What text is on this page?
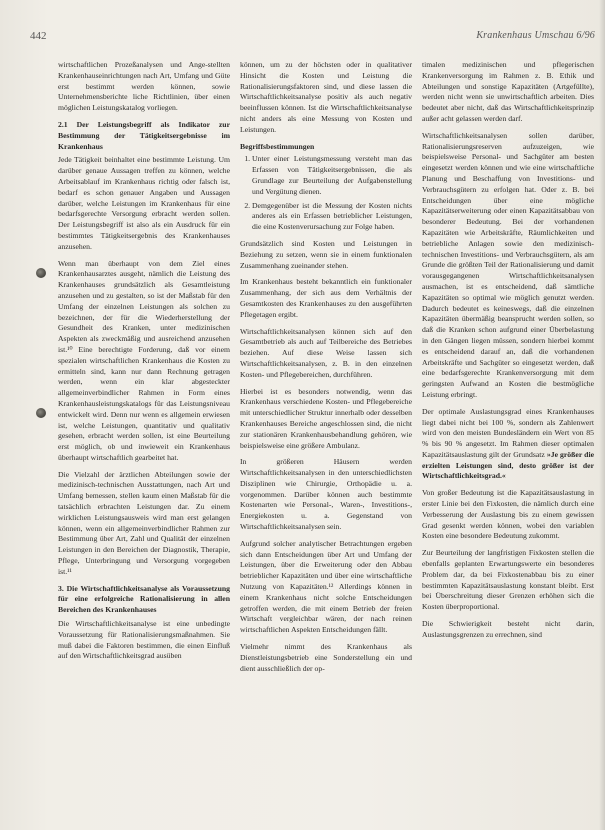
442	Krankenhaus Umschau 6/96

wirtschaftlichen Prozeßanalysen und Ange-stellten Krankenhauseinrichtungen nach Art, Umfang und Güte erst bestimmt werden können, sowie Unternehmensberichte liche Richtlinien, über einen möglichen Leistungskatalog vorliegen.

2.1 Der Leistungsbegriff als Indikator zur Bestimmung der Tätigkeitsergebnisse im Krankenhaus

Jede Tätigkeit beinhaltet eine bestimmte Leistung. Um darüber genaue Aussagen treffen zu können, welche Arbeitsablauf im Krankenhaus richtig oder falsch ist, bedarf es schon genauer Angaben und Aussagen darüber, welche Leistungen im Krankenhaus für eine bedarfsgerechte Versorgung erbracht werden sollen. Der Leistungsbegriff ist also als ein Ausdruck für ein bestimmtes Tätigkeitsergebnis des Krankenhauses anzusehen.

Wenn man überhaupt von dem Ziel eines Krankenhausarztes ausgeht, nämlich die Leistung des Krankenhauses grundsätzlich als Gesamtleistung anzusehen und zu gestalten, so ist der Maßstab für den Umfang der einzelnen Leistungen als solchen zu bezeichnen, der für die Wiederherstellung der Gesundheit des Kranken, unter medizinischen Aspekten als zweckmäßig und ausreichend anzusehen ist.¹⁰ Eine berechtigte Forderung, daß vor einem spezialen wirtschaftlichen Krankenhaus die Kosten zu ermitteln sind, kann nur dann Rechnung getragen werden, wenn ein klar abgesteckter allgemeinverbindlicher Rahmen in Form eines Krankenhausleistungskatalogs für das Leistungsniveau entwickelt wird. Denn nur wenn es allgemein erwiesen ist, welche Leistungen, quantitativ und qualitativ gesehen, erbracht werden sollen, ist eine Beurteilung erst möglich, ob und inwieweit ein Krankenhaus überhaupt wirtschaftlich gearbeitet hat.

Die Vielzahl der ärztlichen Abteilungen sowie der medizinisch-technischen Ausstattungen, nach Art und Umfang bemessen, stellen kaum einen Maßstab für die tatsächlich erbrachten Leistungen dar. Zu einem wirklichen Leistungsausweis wird man erst gelangen können, wenn ein allgemeinverbindlicher Rahmen zur Bestimmung über Art, Zahl und Qualität der einzelnen Leistungen in den Bereichen der Diagnostik, Therapie, Pflege, Unterbringung und Versorgung vorgegeben ist.¹¹

3. Die Wirtschaftlichkeitsanalyse als Voraussetzung für eine erfolgreiche Rationalisierung in allen Bereichen des Krankenhauses

Die Wirtschaftlichkeitsanalyse ist eine unbedingte Voraussetzung für Rationalisierungsmaßnahmen. Sie muß dabei die Faktoren bestimmen, die einen Einfluß auf den Wirtschaftlichkeitsgrad ausüben

können, um zu der höchsten oder in qualitativer Hinsicht die Kosten und Leistung die Rationalisierungsfaktoren sind, und diese lassen die Wirtschaftlichkeitsanalyse positiv als auch negativ beeinflussen können. Ist die Wirtschaftlichkeitsanalyse nicht anders als eine Messung von Kosten und Leistungen.

Begriffsbestimmungen
1. Unter einer Leistungsmessung versteht man das Erfassen von Tätigkeitsergebnissen, die als Grundlage zur Beurteilung der Aufgabenstellung und Vergütung dienen.
2. Demgegenüber ist die Messung der Kosten nichts anderes als ein Erfassen betrieblicher Leistungen, die eine Kostenverursachung zur Folge haben.

Grundsätzlich sind Kosten und Leistungen in Beziehung zu setzen, wenn sie in einem funktionalen Zusammenhang zueinander stehen.

Im Krankenhaus besteht bekanntlich ein funktionaler Zusammenhang, der sich aus dem Verhältnis der Gesamtkosten des Krankenhauses zu den ausgeführten Pflegetagen ergibt.

Wirtschaftlichkeitsanalysen können sich auf den Gesamtbetrieb als auch auf Teilbereiche des Betriebes beziehen. Auf diese Weise lassen sich Wirtschaftlichkeitsanalysen, z. B. in den einzelnen Kosten- und Pflegebereichen, durchführen.

Hierbei ist es besonders notwendig, wenn das Krankenhaus verschiedene Kosten- und Pflegebereiche mit unterschiedlicher Struktur innerhalb oder desselben Krankenhauses Bereiche angeschlossen sind, die nicht zur stationären Krankenhausbehandlung gehören, wie beispielsweise eine größere Ambulanz.

In größeren Häusern werden Wirtschaftlichkeitsanalysen in den unterschiedlichsten Disziplinen wie Chirurgie, Orthopädie u. a. vorgenommen. Darüber können auch bestimmte Kostenarten wie Personal-, Waren-, Investitions-, Energiekosten u. a. Gegenstand von Wirtschaftlichkeitsanalysen sein.

Aufgrund solcher analytischer Betrachtungen ergeben sich dann Entscheidungen über Art und Umfang der Leistungen, über die Erweiterung oder den Abbau betrieblicher Kapazitäten und über eine wirtschaftliche Nutzung von Kapazitäten.¹² Allerdings können in einem Krankenhaus nicht solche Entscheidungen getroffen werden, die mit einem Betrieb der freien Wirtschaft vergleichbar wären, der nach reinen wirtschaftlichen Aspekten Entscheidungen fällt.

Vielmehr nimmt des Krankenhaus als Dienstleistungsbetrieb eine Sonderstellung ein und dient ausschließlich der op-

timalen medizinischen und pflegerischen Krankenversorgung im Rahmen z. B. Ethik und Abteilungen und sonstige Kapazitäten (Artgefüllte), werden nicht wenn sie unwirtschaftlich arbeiten. Dies bedeutet aber nicht, daß das Wirtschaftlichkeitsprinzip außer acht gelassen werden darf.

Wirtschaftlichkeitsanalysen sollen darüber, Rationalisierungsreserven aufzuzeigen, wie beispielsweise Personal- und Sachgüter am besten eingesetzt werden können und wie eine wirtschaftliche Planung und Beschaffung von Investitions- und Verbrauchsgütern zu erfolgen hat. Oder z. B. bei Entscheidungen über eine mögliche Kapazitätserweiterung oder einen Kapazitätsabbau von besonderer Bedeutung. Bei der vorhandenen Kapazitäten wie Arbeitskräfte, Räumlichkeiten und betriebliche Anlagen sowie den medizinisch-technischen Investitions- und Verbrauchsgütern, als am Grunde die größten Teil der Rationalisierung und damit vorausgegangenen Wirtschaftlichkeitsanalysen ausmachen, ist es entscheidend, daß sämtliche Kapazitäten so optimal wie möglich genutzt werden. Dadurch bedeutet es keineswegs, daß die einzelnen Kapazitäten übermäßig beansprucht werden sollen, so daß die Kranken schon aufgrund einer Überbelastung in den Gängen liegen müssen, sondern hierbei kommt es entscheidend darauf an, daß die vorhandenen Arbeitskräfte und Sachgüter so eingesetzt werden, daß eine bedarfsgerechte Krankenversorgung mit dem geringsten Aufwand an Kosten die bestmögliche Leistung erbringt.

Der optimale Auslastungsgrad eines Krankenhauses liegt dabei nicht bei 100 %, sondern als Zahlenwert wird von den meisten Bundesländern ein Wert von 85 % bis 90 % angesetzt. Im Rahmen dieser optimalen Kapazitätsauslastung gilt der Grundsatz »Je größer die erzielten Leistungen sind, desto größer ist der Wirtschaftlichkeitsgrad.«

Von großer Bedeutung ist die Kapazitätsauslastung in erster Linie bei den Fixkosten, die nämlich durch eine Verbesserung der Auslastung bis zu einem gewissen Grad gesenkt werden können, wobei den variablen Kosten eine besondere Bedeutung zukommt.

Zur Beurteilung der langfristigen Fixkosten stellen die ebenfalls geplanten Erwartungswerte ein besonderes Problem dar, da bei Fixkostenabbau bis zu einer bestimmten Kapazitätsauslastung konstant bleibt. Erst bei Überschreitung dieser Grenzen erhöhen sich die Kosten überproportional.

Die Schwierigkeit besteht nicht darin, Auslastungsgrenzen zu errechnen, sind
